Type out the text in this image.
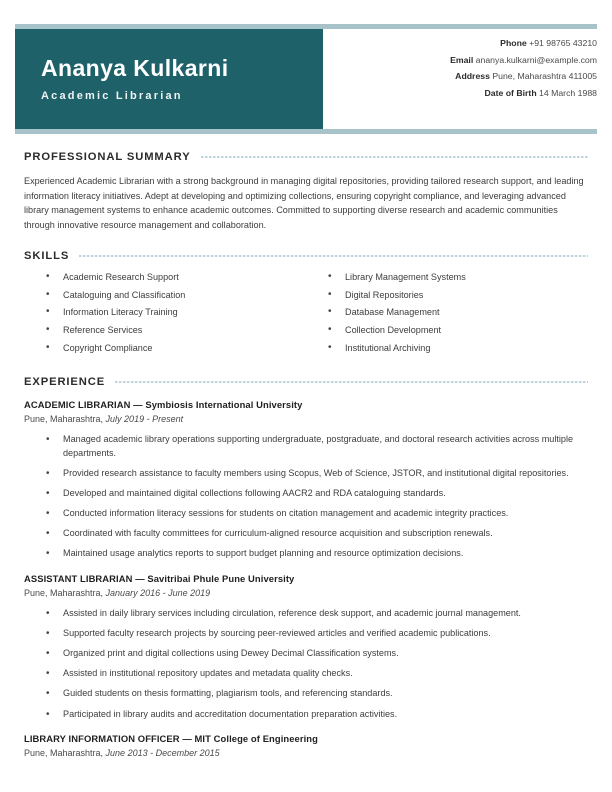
Ananya Kulkarni
Academic Librarian
Phone +91 98765 43210
Email ananya.kulkarni@example.com
Address Pune, Maharashtra 411005
Date of Birth 14 March 1988
PROFESSIONAL SUMMARY
Experienced Academic Librarian with a strong background in managing digital repositories, providing tailored research support, and leading information literacy initiatives. Adept at developing and optimizing collections, ensuring copyright compliance, and leveraging advanced library management systems to enhance academic outcomes. Committed to supporting diverse research and academic communities through innovative resource management and collaboration.
SKILLS
• Academic Research Support
• Cataloguing and Classification
• Information Literacy Training
• Reference Services
• Copyright Compliance
• Library Management Systems
• Digital Repositories
• Database Management
• Collection Development
• Institutional Archiving
EXPERIENCE
ACADEMIC LIBRARIAN — Symbiosis International University
Pune, Maharashtra, July 2019 - Present
• Managed academic library operations supporting undergraduate, postgraduate, and doctoral research activities across multiple departments.
• Provided research assistance to faculty members using Scopus, Web of Science, JSTOR, and institutional digital repositories.
• Developed and maintained digital collections following AACR2 and RDA cataloguing standards.
• Conducted information literacy sessions for students on citation management and academic integrity practices.
• Coordinated with faculty committees for curriculum-aligned resource acquisition and subscription renewals.
• Maintained usage analytics reports to support budget planning and resource optimization decisions.
ASSISTANT LIBRARIAN — Savitribai Phule Pune University
Pune, Maharashtra, January 2016 - June 2019
• Assisted in daily library services including circulation, reference desk support, and academic journal management.
• Supported faculty research projects by sourcing peer-reviewed articles and verified academic publications.
• Organized print and digital collections using Dewey Decimal Classification systems.
• Assisted in institutional repository updates and metadata quality checks.
• Guided students on thesis formatting, plagiarism tools, and referencing standards.
• Participated in library audits and accreditation documentation preparation activities.
LIBRARY INFORMATION OFFICER — MIT College of Engineering
Pune, Maharashtra, June 2013 - December 2015
